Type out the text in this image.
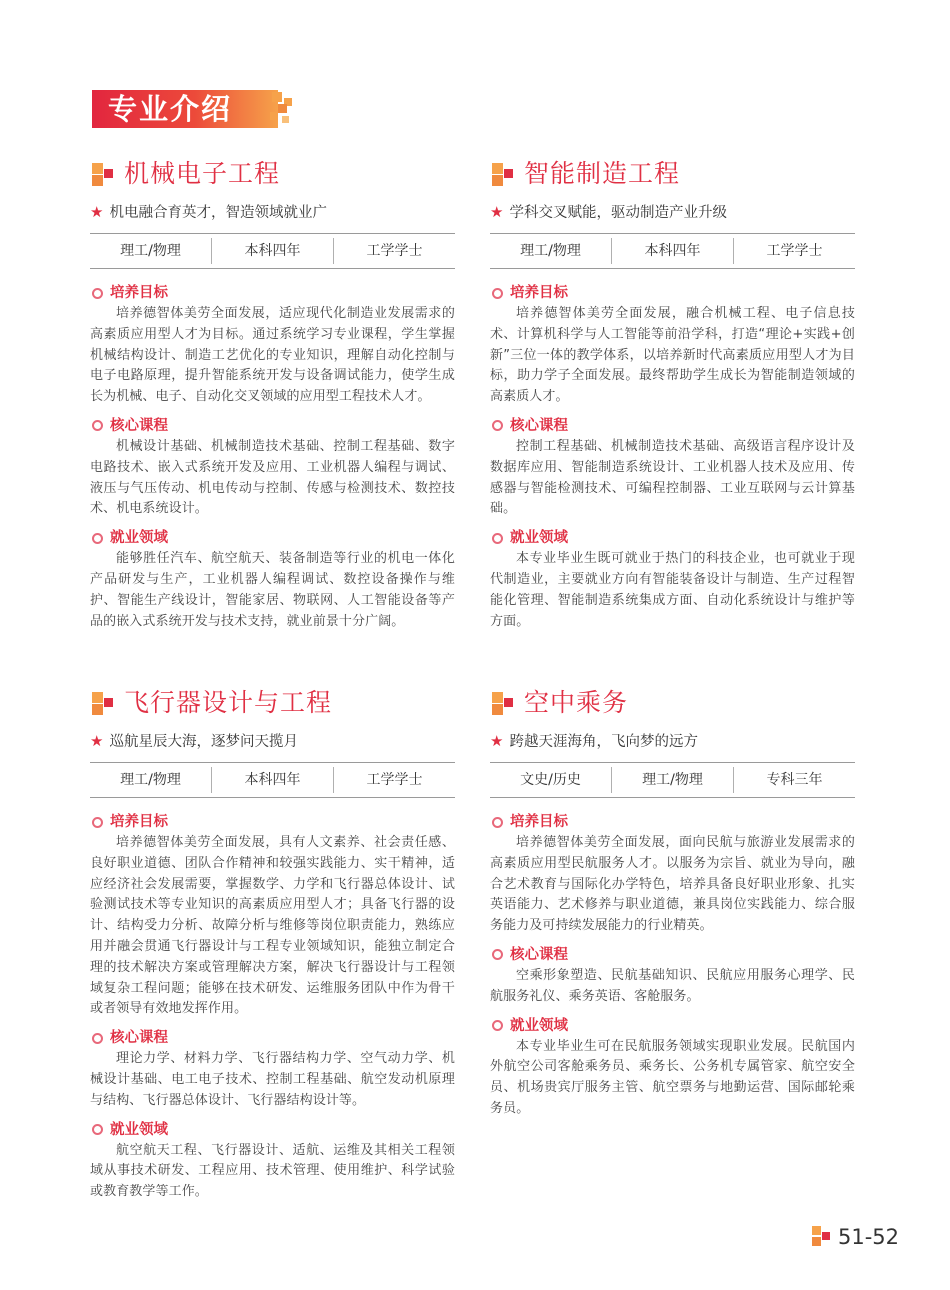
专业介绍
机械电子工程
★ 机电融合育英才，智造领域就业广
理工/物理	本科四年	工学学士
培养目标
培养德智体美劳全面发展，适应现代化制造业发展需求的高素质应用型人才为目标。通过系统学习专业课程，学生掌握机械结构设计、制造工艺优化的专业知识，理解自动化控制与电子电路原理，提升智能系统开发与设备调试能力，使学生成长为机械、电子、自动化交叉领域的应用型工程技术人才。
核心课程
机械设计基础、机械制造技术基础、控制工程基础、数字电路技术、嵌入式系统开发及应用、工业机器人编程与调试、液压与气压传动、机电传动与控制、传感与检测技术、数控技术、机电系统设计。
就业领域
能够胜任汽车、航空航天、装备制造等行业的机电一体化产品研发与生产，工业机器人编程调试、数控设备操作与维护、智能生产线设计，智能家居、物联网、人工智能设备等产品的嵌入式系统开发与技术支持，就业前景十分广阔。
智能制造工程
★ 学科交叉赋能，驱动制造产业升级
理工/物理	本科四年	工学学士
培养目标
培养德智体美劳全面发展，融合机械工程、电子信息技术、计算机科学与人工智能等前沿学科，打造“理论+实践+创新”三位一体的教学体系，以培养新时代高素质应用型人才为目标，助力学子全面发展。最终帮助学生成长为智能制造领域的高素质人才。
核心课程
控制工程基础、机械制造技术基础、高级语言程序设计及数据库应用、智能制造系统设计、工业机器人技术及应用、传感器与智能检测技术、可编程控制器、工业互联网与云计算基础。
就业领域
本专业毕业生既可就业于热门的科技企业，也可就业于现代制造业，主要就业方向有智能装备设计与制造、生产过程智能化管理、智能制造系统集成方面、自动化系统设计与维护等方面。
飞行器设计与工程
★ 巡航星辰大海，逐梦问天揽月
理工/物理	本科四年	工学学士
培养目标
培养德智体美劳全面发展，具有人文素养、社会责任感、良好职业道德、团队合作精神和较强实践能力、实干精神，适应经济社会发展需要，掌握数学、力学和飞行器总体设计、试验测试技术等专业知识的高素质应用型人才；具备飞行器的设计、结构受力分析、故障分析与维修等岗位职责能力，熟练应用并融会贯通飞行器设计与工程专业领域知识，能独立制定合理的技术解决方案或管理解决方案，解决飞行器设计与工程领域复杂工程问题；能够在技术研发、运维服务团队中作为骨干或者领导有效地发挥作用。
核心课程
理论力学、材料力学、飞行器结构力学、空气动力学、机械设计基础、电工电子技术、控制工程基础、航空发动机原理与结构、飞行器总体设计、飞行器结构设计等。
就业领域
航空航天工程、飞行器设计、适航、运维及其相关工程领域从事技术研发、工程应用、技术管理、使用维护、科学试验或教育教学等工作。
空中乘务
★ 跨越天涯海角，飞向梦的远方
文史/历史	理工/物理	专科三年
培养目标
培养德智体美劳全面发展，面向民航与旅游业发展需求的高素质应用型民航服务人才。以服务为宗旨、就业为导向，融合艺术教育与国际化办学特色，培养具备良好职业形象、扎实英语能力、艺术修养与职业道德，兼具岗位实践能力、综合服务能力及可持续发展能力的行业精英。
核心课程
空乘形象塑造、民航基础知识、民航应用服务心理学、民航服务礼仪、乘务英语、客舱服务。
就业领域
本专业毕业生可在民航服务领域实现职业发展。民航国内外航空公司客舱乘务员、乘务长、公务机专属管家、航空安全员、机场贵宾厅服务主管、航空票务与地勤运营、国际邮轮乘务员。
51-52
